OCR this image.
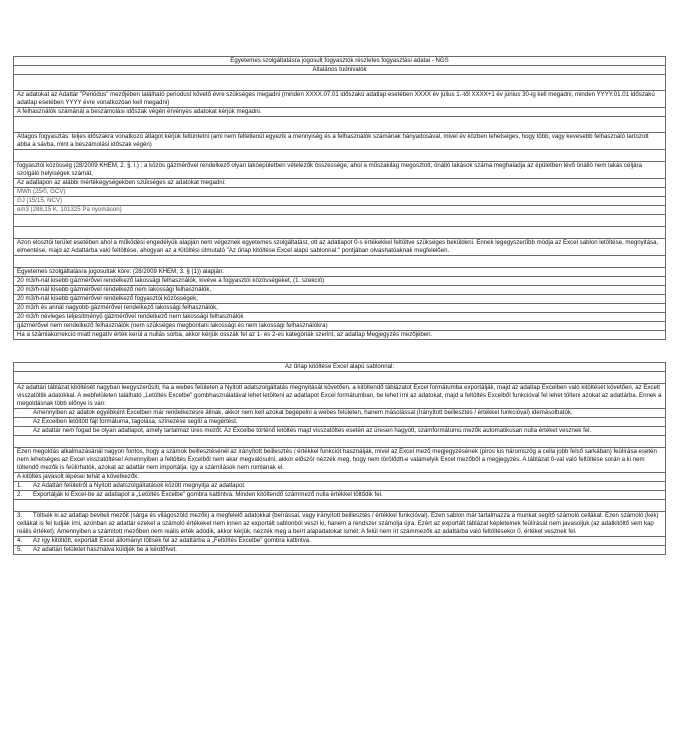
Egyetemes szolgáltatásra jogosult fogyasztók részletes fogyasztási adatai - NGS
Általános tudnivalók
Az adatokat az Adattár "Periódus" mezőjében található periodust követő évre szükséges megadni (minden XXXX.07.01 időszakú adatlap esetében XXXX év július 1.-től XXXX+1 év június 30-ig kell megadni, minden YYYY.01.01 időszakú adatlap esetében YYYY évre vonatkozóan kell megadni)
A felhasználók számánál a beszámolási időszak végén érvényes adatokat kérjük megadni.
Átlagos fogyasztás: teljes időszakra vonatkozó átlagot kérjük feltüntetni (ami nem feltétlenül egyezik a mennyiség és a felhasználók számának hányadosával, mivel év közben lehetséges, hogy több, vagy kevesebb felhasználó tartozott abba a sávba, mint a beszámolási időszak végén)
fogyasztói közösség (28/2009 KHEM, 2. §. i.) : a közös gázmérővel rendelkező olyan lakóépületben vételezők összessége, ahol a műszakilag megosztott, önálló lakások száma meghaladja az épületben lévő önálló nem lakás céljára szolgáló helyiségek számát,
Az adatlapon az alábbi mértékegységekben szükséges az adatokat megadni:
MWh (25/0, GCV)
GJ (15/15, NCV)
em3 (288,15 K, 101325 Pa nyomáson)
Azon elosztói terület esetében ahol a működési engedélyük alapján nem végeznek egyetemes szolgáltatást, ott az adatlapot 0-s értékekkel feltöltve szükséges beküldeni. Ennek legegyszerűbb módja az Excel sablon letöltése, megnyitása, elmentése, majd az Adattárba való feltöltése, ahogyan az a Kitöltési útmutató "Az űrlap kitöltése Excel alapú sablonnal:" pontjában olvashatóaknak megfelelően.
Egyetemes szolgáltatásra jogosultak köre: (28/2009 KHEM, 3. § (1)) alapján:
20 m3/h-nál kisebb gázmérővel rendelkező lakossági felhasználók, kivéve a fogyasztói közösségeket, (1. szekció)
20 m3/h-nál kisebb gázmérővel rendelkező nem lakossági felhasználók,
20 m3/h-nál kisebb gázmérővel rendelkező fogyasztói közösségek,
20 m3/h és annál nagyobb gázmérővel rendelkező lakossági felhasználók,
20 m3/h névleges teljesítményű gázmérővel rendelkező nem lakossági felhasználók
gázmérővel nem rendelkező felhasználók (nem szükséges megbontani lakossági és nem lakossági felhasználókra)
Ha a számlakorrekció miatt negatív érték kerül a nullás sorba, akkor kérjük osszák fel az 1- és 2-es kategóriák szerint, az adatlap Megjegyzés mezőjében.
Az űrlap kitöltése Excel alapú sablonnal:
Az adattári táblázat kitöltését nagyban leegyszerűsíti, ha a webes felületen a Nyitott adatszolgáltatás megnyitását követően, a kitöltendő táblázatot Excel formátumba exportálják, majd az adatlap Excelben való kitöltését követően, az Excelt visszatöltik adatokkal. A webfelületen található „Letöltés Excelbe" gombhasználatával lehet letölteni az adatlapot Excel formátumban, be lehet írni az adatokat, majd a feltöltés Excelből funkcióval fel lehet tölteni azokat az adattárba. Ennek a megoldásnak több előnye is van:
· Amennyiben az adatok egyébként Excelben már rendelkezésre állnak, akkor nem kell azokat begépelni a webes felületen, hanem másolással (Irányított beillesztés / értékkel funkcióval) idemásolhatók.
· Az Excelben letöltött fájl formátuma, tagolása, színezése segíti a megértést.
· Az adattár nem fogad be olyan adatlapot, amely tartalmaz üres mezőt. Az Excelbe történő letöltés majd visszatöltés esetén az üresen hagyott, számformátumú mezők automatikusan nulla értéket vesznek fel.
Ezen megoldás alkalmazásánál nagyon fontos, hogy a számok beillesztésénél az irányított beillesztés / értékkel funkciót használják, mivel az Excel mező megjegyzésének (piros kis háromszög a cella jobb felső sarkában) feülírása esetén nem lehetséges az Excel visszatöltése! Amennyiben a feltöltés Excelből nem akar megvalósulni, akkor először nézzék meg, hogy nem törölődtt-e valamelyik Excel mezőből a megjegyzés. A táblázat 0-val való feltöltése során a ki nem töltendő mezők is feülírhatók, azokat az adattár nem importálja, így a számítások nem romlanak el.
A kitöltés javasolt lépései tehát a következők:
1. Az Adattári felületről a Nyitott adatszolgáltatások között megnyitja az adatlapot.
2. Exportálják ki Excel-be az adatlapot a „Letöltés Excelbe" gombra kattintva. Minden kitöltendő számmező nulla értékkel töltődik fel.
3. Töltsék ki az adatlap beviteli mezőit (sárga és világoszöld mezők) a megfelelő adatokkal (beírással, vagy irányított beillesztés / értékkel funkcióval). Ezen sablon már tartalmazza a munkat segítő számoló cellákat. Ezen számoló (kék) cellákat is fel tudják írni, azonban az adattár ezeket a számoló értékeket nem innen az exportált sablonból veszi ki, hanem a rendszer számolja újra. Ezért az exportált táblázat képleteinek feülírását nem javasoljuk (az adatkitöltő sem kap reális értéket). Amennyiben a számított mezőben nem reális érték adódik, akkor kérjük, nézzék meg a beírt alapadatokat ismét. A felül nem írt számmezők az adattárba való feltöltésekor 0, értéket vesznek fel.
4. Az így kitöltött, exportált Excel állományt töltsék fel az adattárba a „Feltöltés Excelbe" gombra kattintva.
5. Az adattári felületet használva küldjék be a kérdőívet.
